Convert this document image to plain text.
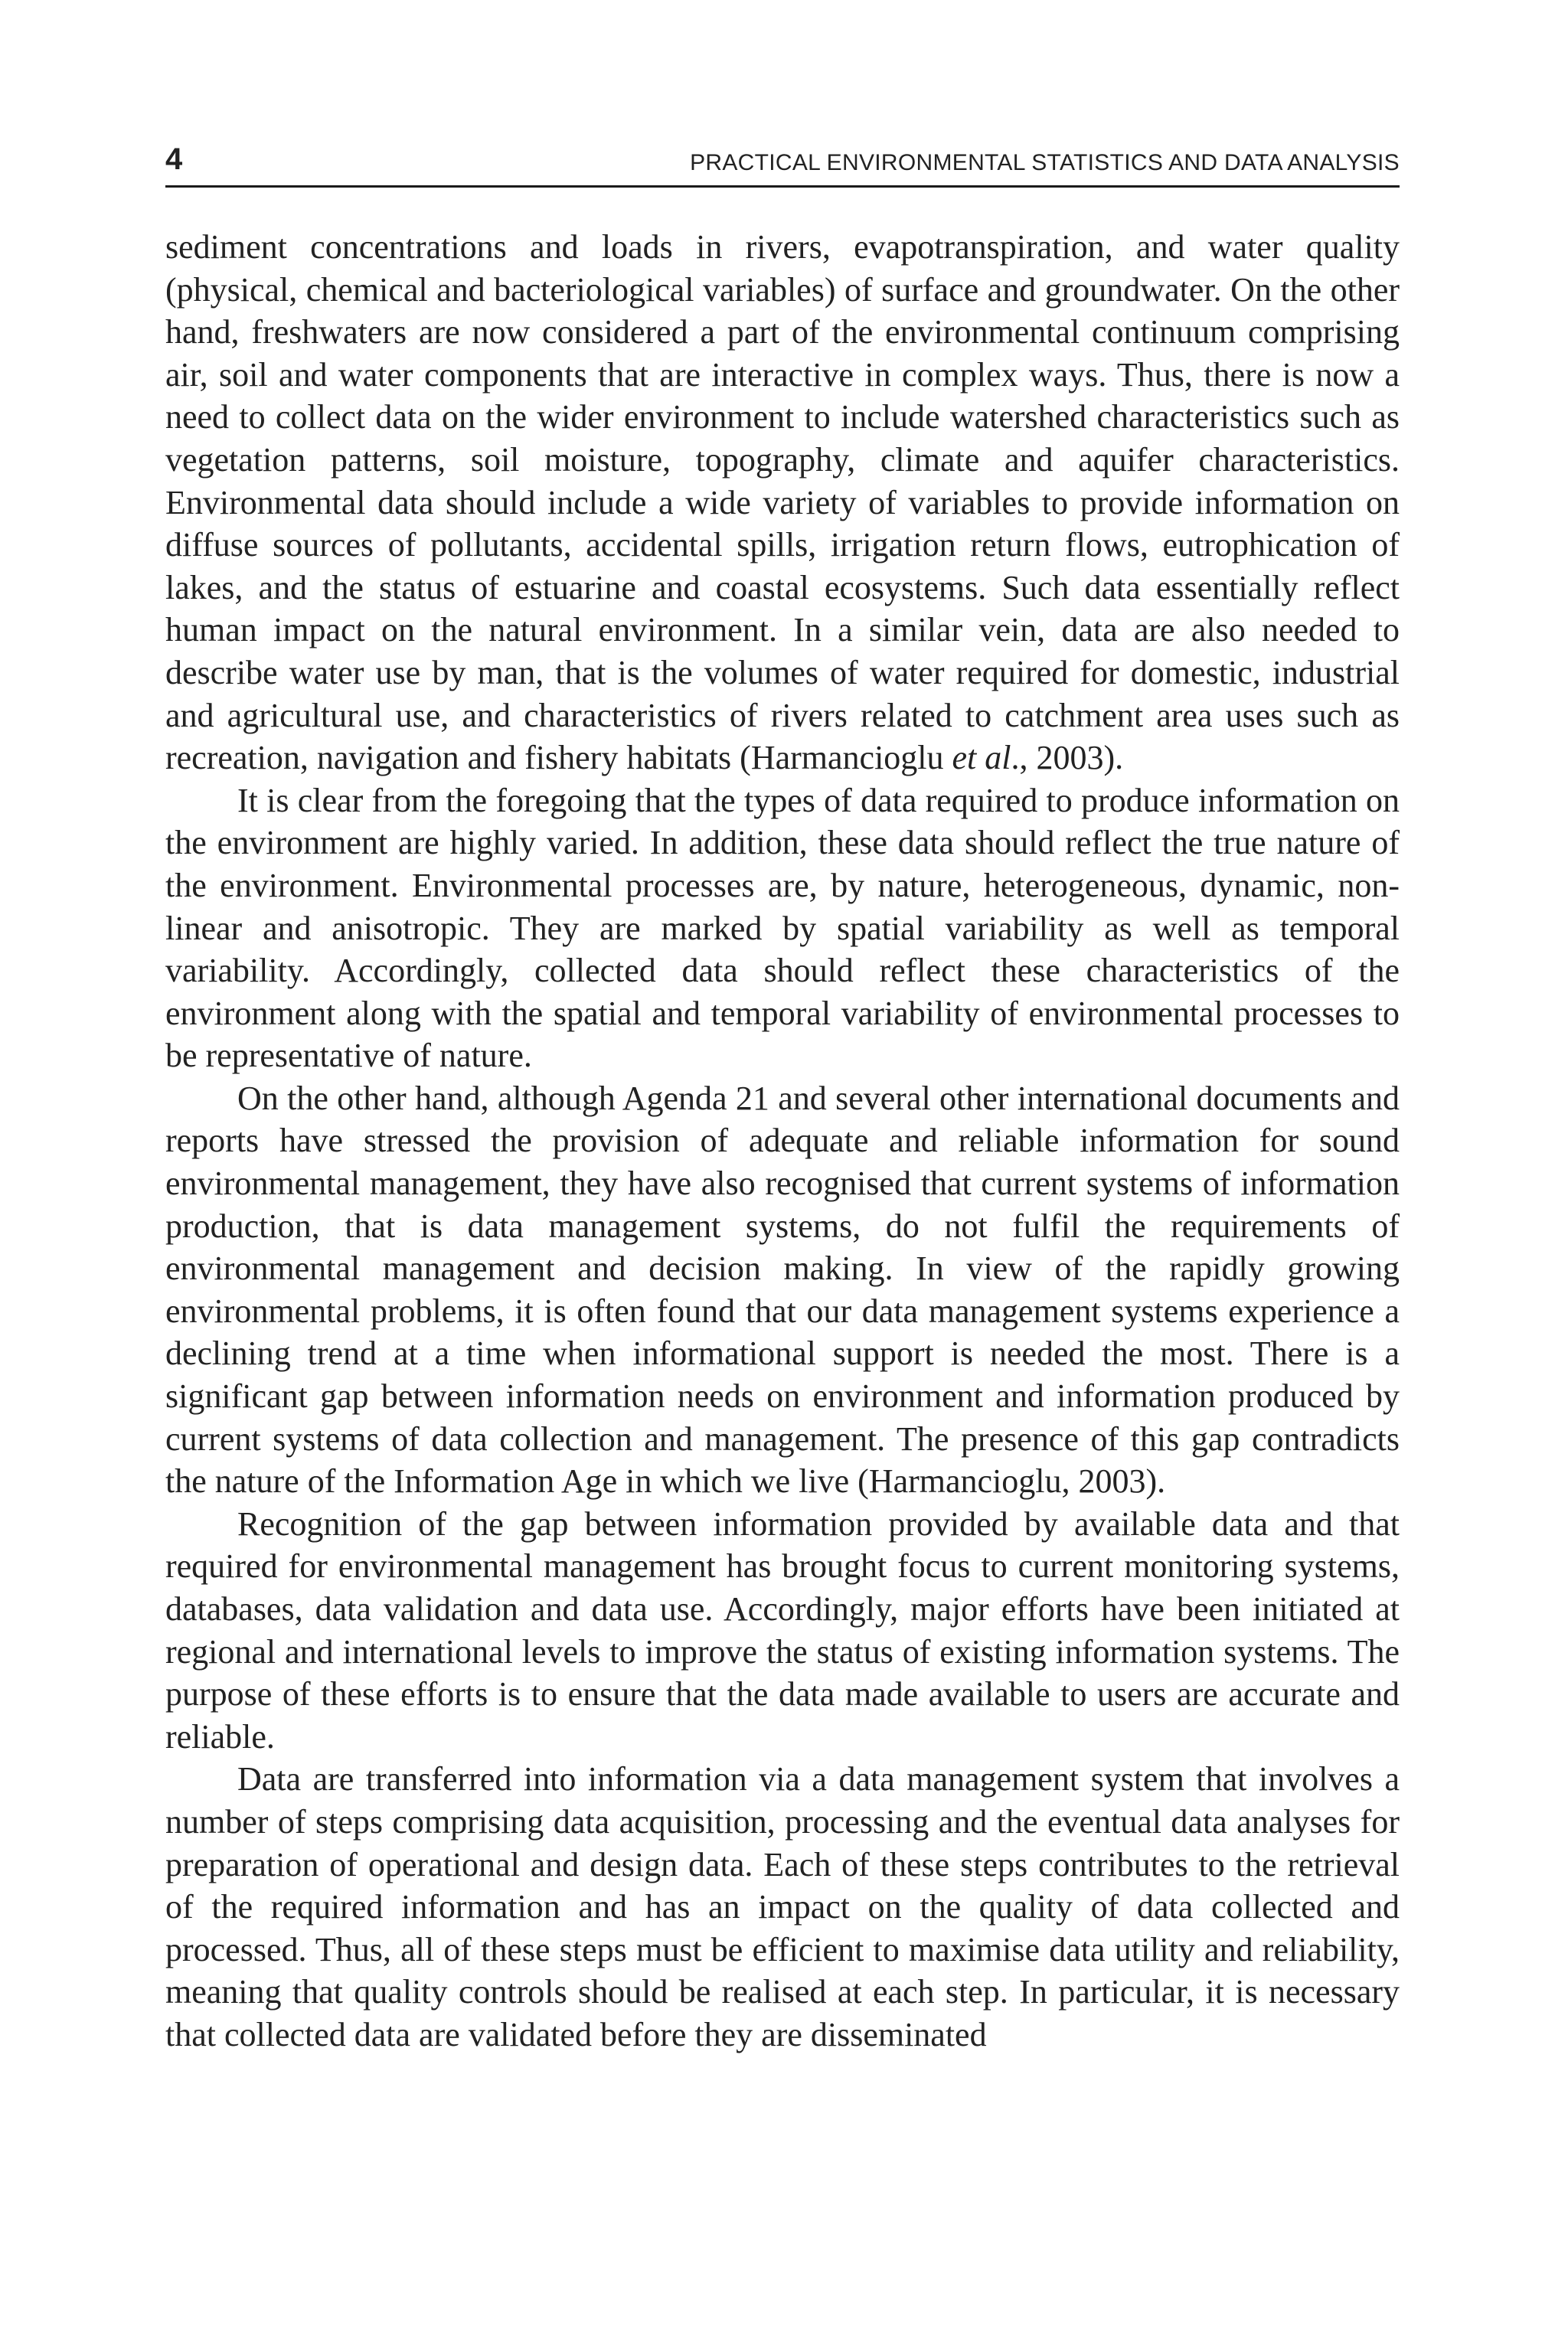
4	PRACTICAL ENVIRONMENTAL STATISTICS AND DATA ANALYSIS

sediment concentrations and loads in rivers, evapotranspiration, and water quality (physical, chemical and bacteriological variables) of surface and groundwater. On the other hand, freshwaters are now considered a part of the environmental continuum comprising air, soil and water components that are interactive in complex ways. Thus, there is now a need to collect data on the wider environment to include watershed characteristics such as vegetation patterns, soil moisture, topography, climate and aquifer characteristics. Environmental data should include a wide variety of variables to provide information on diffuse sources of pollutants, accidental spills, irrigation return flows, eutrophication of lakes, and the status of estuarine and coastal ecosystems. Such data essentially reflect human impact on the natural environment. In a similar vein, data are also needed to describe water use by man, that is the volumes of water required for domestic, industrial and agricultural use, and characteristics of rivers related to catchment area uses such as recreation, navigation and fishery habitats (Harmancioglu et al., 2003).

It is clear from the foregoing that the types of data required to produce information on the environment are highly varied. In addition, these data should reflect the true nature of the environment. Environmental processes are, by nature, heterogeneous, dynamic, non-linear and anisotropic. They are marked by spatial variability as well as temporal variability. Accordingly, collected data should reflect these characteristics of the environment along with the spatial and temporal variability of environmental processes to be representative of nature.

On the other hand, although Agenda 21 and several other international documents and reports have stressed the provision of adequate and reliable information for sound environmental management, they have also recognised that current systems of information production, that is data management systems, do not fulfil the requirements of environmental management and decision making. In view of the rapidly growing environmental problems, it is often found that our data management systems experience a declining trend at a time when informational support is needed the most. There is a significant gap between information needs on environment and information produced by current systems of data collection and management. The presence of this gap contradicts the nature of the Information Age in which we live (Harmancioglu, 2003).

Recognition of the gap between information provided by available data and that required for environmental management has brought focus to current monitoring systems, databases, data validation and data use. Accordingly, major efforts have been initiated at regional and international levels to improve the status of existing information systems. The purpose of these efforts is to ensure that the data made available to users are accurate and reliable.

Data are transferred into information via a data management system that involves a number of steps comprising data acquisition, processing and the eventual data analyses for preparation of operational and design data. Each of these steps contributes to the retrieval of the required information and has an impact on the quality of data collected and processed. Thus, all of these steps must be efficient to maximise data utility and reliability, meaning that quality controls should be realised at each step. In particular, it is necessary that collected data are validated before they are disseminated
